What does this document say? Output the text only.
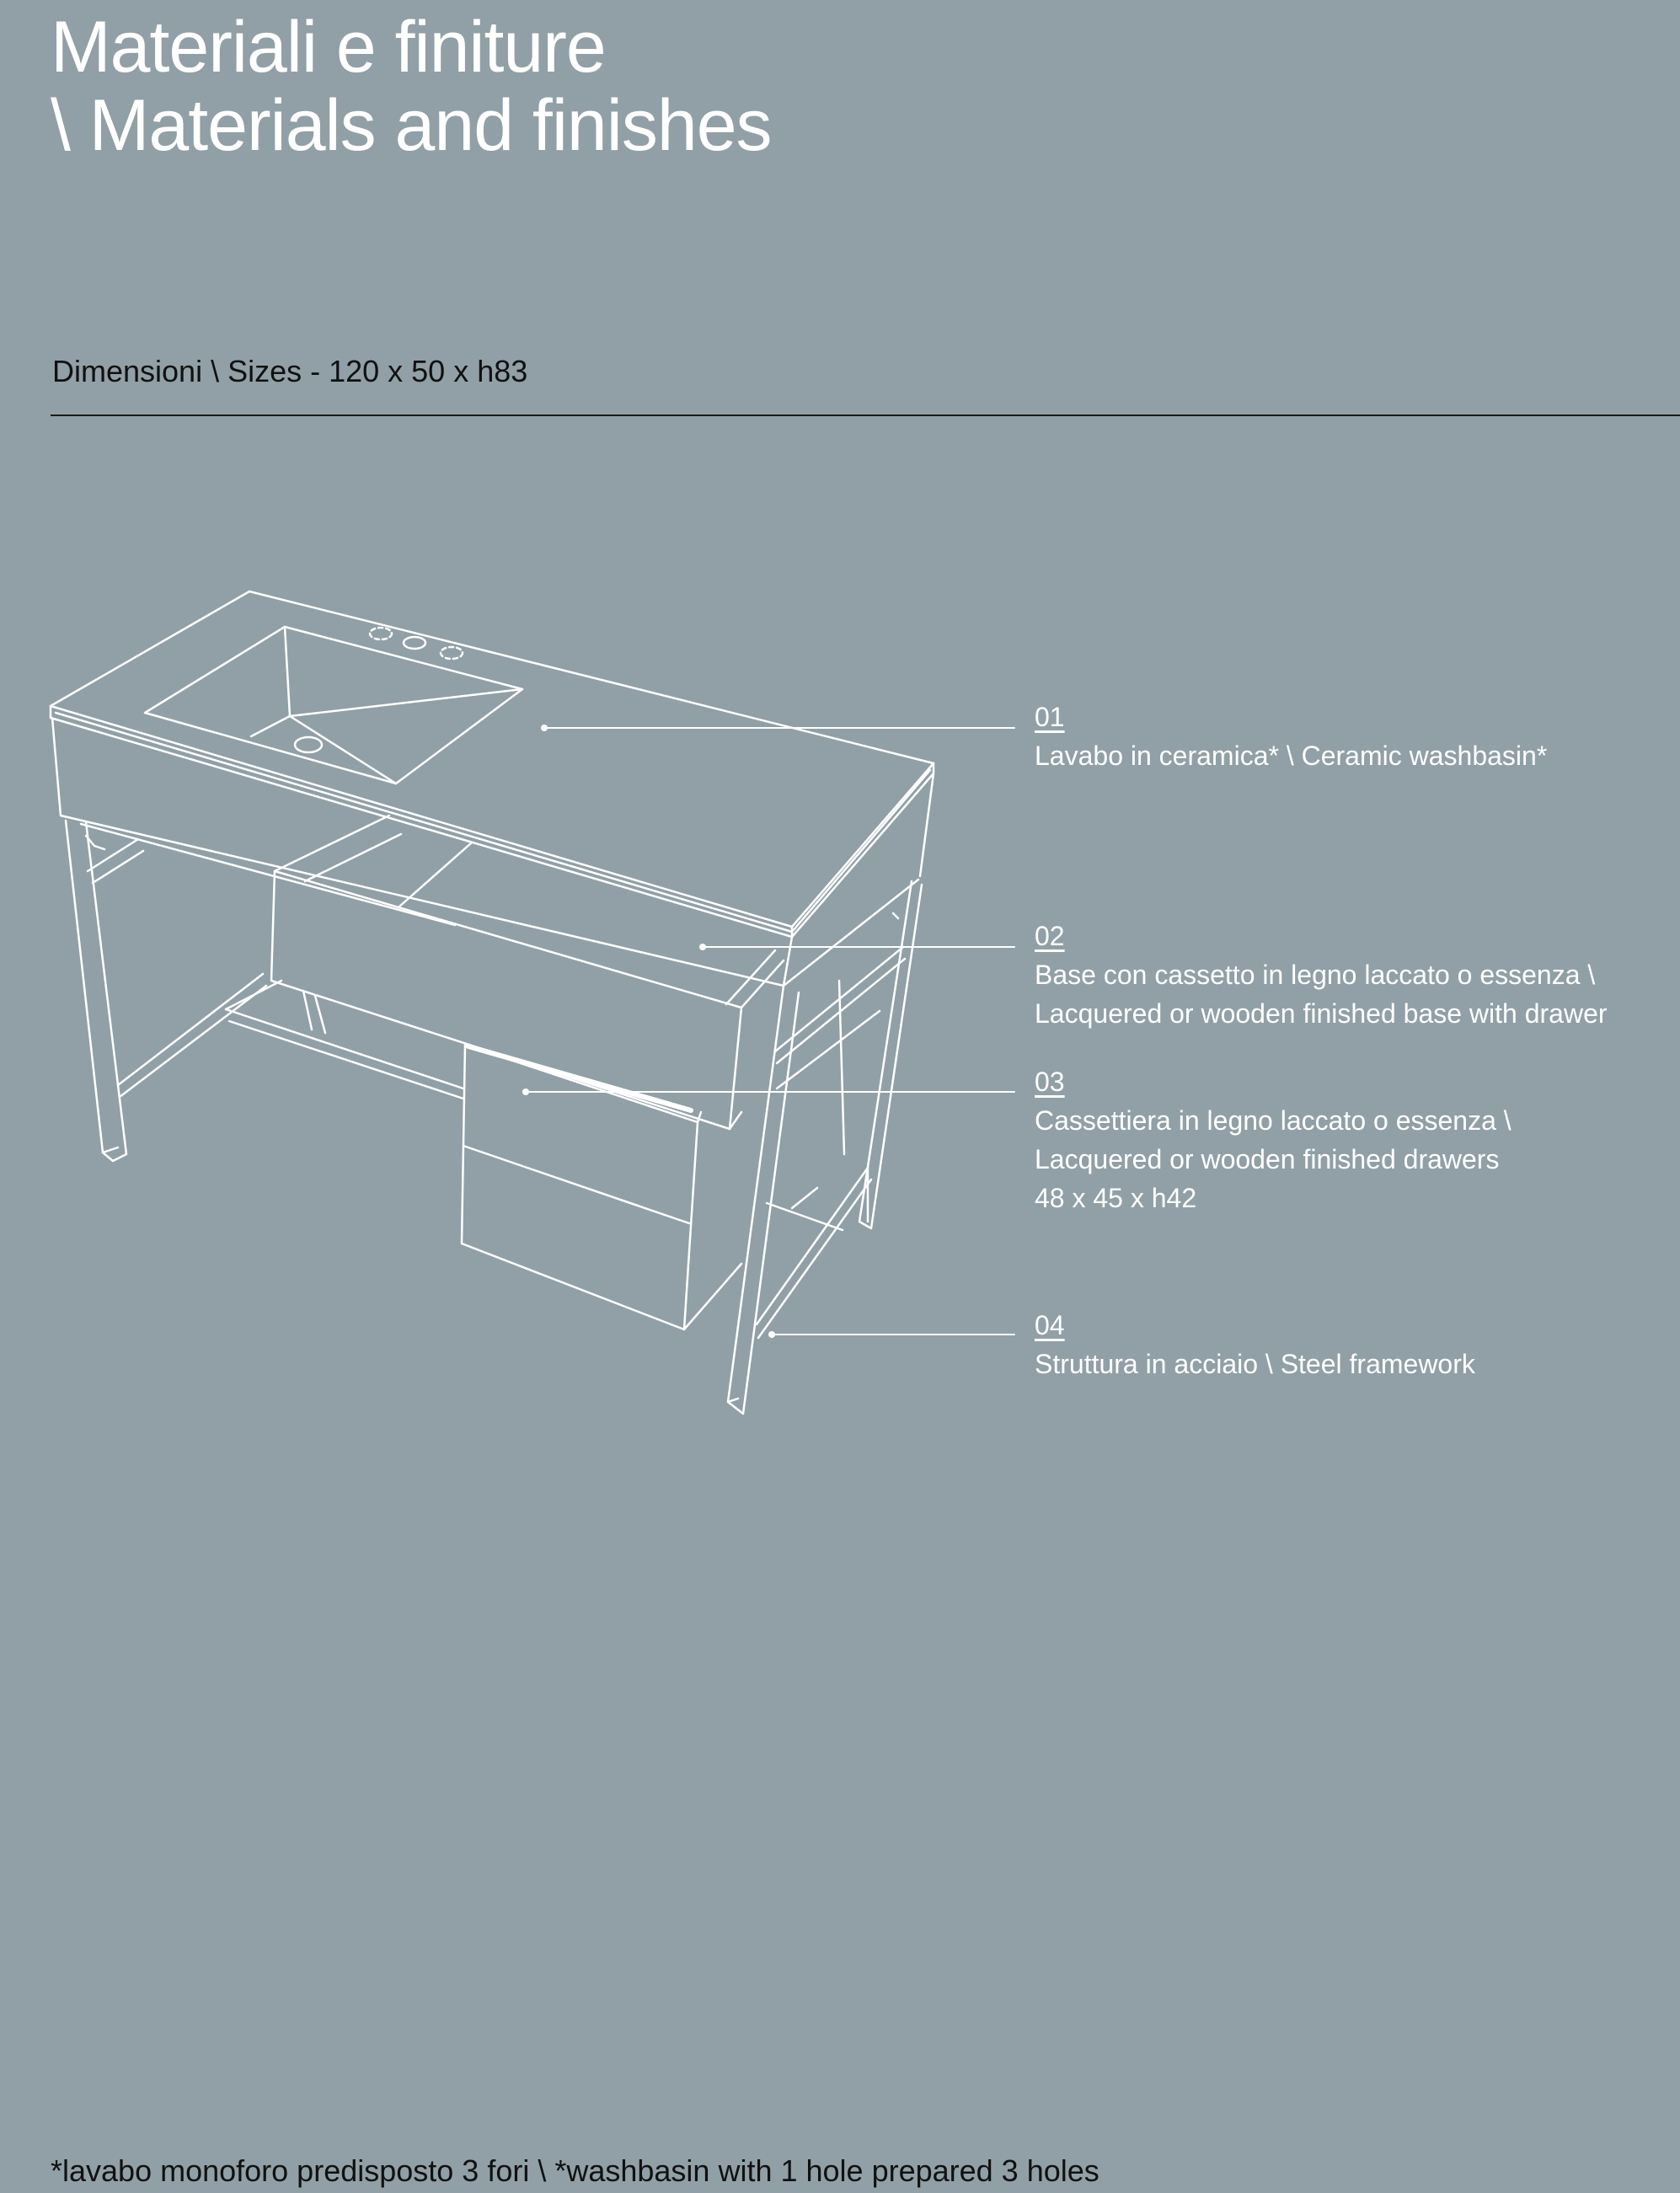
Materiali e finiture
\ Materials and finishes
Dimensioni \ Sizes - 120 x 50 x h83
01
Lavabo in ceramica* \ Ceramic washbasin*
02
Base con cassetto in legno laccato o essenza \
Lacquered or wooden finished base with drawer
03
Cassettiera in legno laccato o essenza \
Lacquered or wooden finished drawers
48 x 45 x h42
04
Struttura in acciaio \ Steel framework
*lavabo monoforo predisposto 3 fori \ *washbasin with 1 hole prepared 3 holes
